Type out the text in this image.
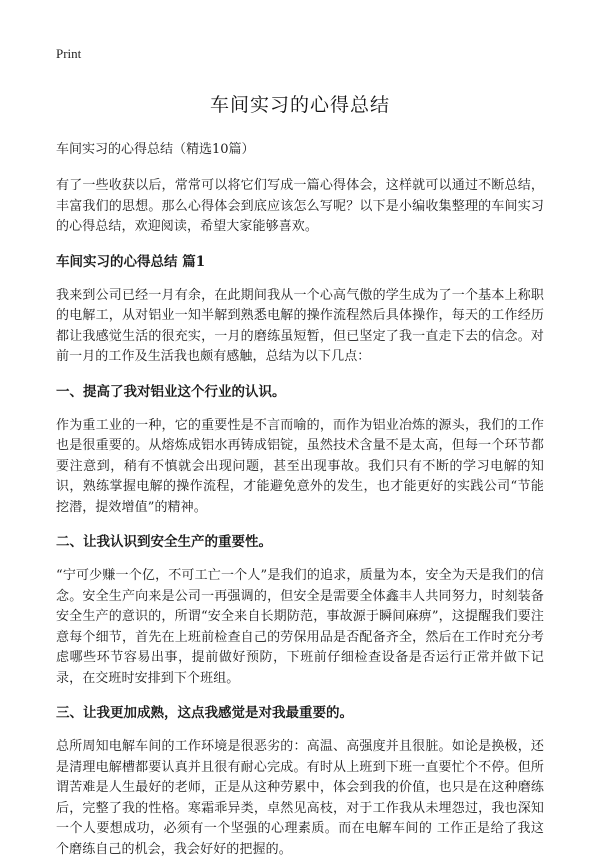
Print
车间实习的心得总结
车间实习的心得总结（精选10篇）

有了一些收获以后，常常可以将它们写成一篇心得体会，这样就可以通过不断总结，丰富我们的思想。那么心得体会到底应该怎么写呢？以下是小编收集整理的车间实习的心得总结，欢迎阅读，希望大家能够喜欢。

车间实习的心得总结 篇1

我来到公司已经一月有余，在此期间我从一个心高气傲的学生成为了一个基本上称职的电解工，从对铝业一知半解到熟悉电解的操作流程然后具体操作，每天的工作经历都让我感觉生活的很充实，一月的磨练虽短暂，但已坚定了我一直走下去的信念。对前一月的工作及生活我也颇有感触，总结为以下几点：

一、提高了我对铝业这个行业的认识。

作为重工业的一种，它的重要性是不言而喻的，而作为铝业冶炼的源头，我们的工作也是很重要的。从熔炼成铝水再铸成铝锭，虽然技术含量不是太高，但每一个环节都要注意到，稍有不慎就会出现问题，甚至出现事故。我们只有不断的学习电解的知识，熟练掌握电解的操作流程，才能避免意外的发生，也才能更好的实践公司“节能挖潜，提效增值”的精神。

二、让我认识到安全生产的重要性。

“宁可少赚一个亿，不可工亡一个人”是我们的追求，质量为本，安全为天是我们的信念。安全生产向来是公司一再强调的，但安全是需要全体鑫丰人共同努力，时刻装备安全生产的意识的，所谓“安全来自长期防范，事故源于瞬间麻痹”，这提醒我们要注意每个细节，首先在上班前检查自己的劳保用品是否配备齐全，然后在工作时充分考虑哪些环节容易出事，提前做好预防，下班前仔细检查设备是否运行正常并做下记录，在交班时安排到下个班组。

三、让我更加成熟，这点我感觉是对我最重要的。

总所周知电解车间的工作环境是很恶劣的：高温、高强度并且很脏。如论是换极，还是清理电解槽都要认真并且很有耐心完成。有时从上班到下班一直要忙个不停。但所谓苦难是人生最好的老师，正是从这种劳累中，体会到我的价值，也只是在这种磨练后，完整了我的性格。寒霜乖异类，卓然见高枝，对于工作我从未埋怨过，我也深知一个人要想成功，必须有一个坚强的心理素质。而在电解车间的 工作正是给了我这个磨练自己的机会，我会好好的把握的。
